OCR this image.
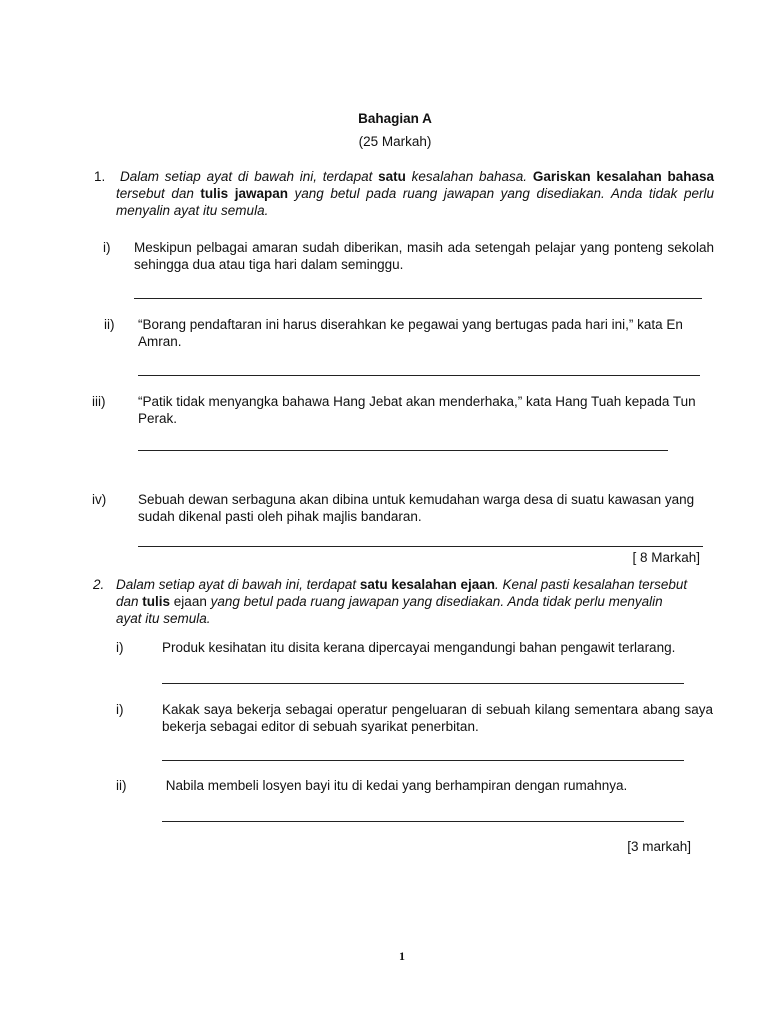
Bahagian A
(25 Markah)
1. Dalam setiap ayat di bawah ini, terdapat satu kesalahan bahasa. Gariskan kesalahan bahasa tersebut dan tulis jawapan yang betul pada ruang jawapan yang disediakan. Anda tidak perlu menyalin ayat itu semula.
i) Meskipun pelbagai amaran sudah diberikan, masih ada setengah pelajar yang ponteng sekolah sehingga dua atau tiga hari dalam seminggu.
ii) “Borang pendaftaran ini harus diserahkan ke pegawai yang bertugas pada hari ini,” kata En Amran.
iii) “Patik tidak menyangka bahawa Hang Jebat akan menderhaka,” kata Hang Tuah kepada Tun Perak.
iv) Sebuah dewan serbaguna akan dibina untuk kemudahan warga desa di suatu kawasan yang sudah dikenal pasti oleh pihak majlis bandaran.
[ 8 Markah]
2. Dalam setiap ayat di bawah ini, terdapat satu kesalahan ejaan. Kenal pasti kesalahan tersebut dan tulis ejaan yang betul pada ruang jawapan yang disediakan. Anda tidak perlu menyalin ayat itu semula.
i)	Produk kesihatan itu disita kerana dipercayai mengandungi bahan pengawit terlarang.
i)	Kakak saya bekerja sebagai operatur pengeluaran di sebuah kilang sementara abang saya bekerja sebagai editor di sebuah syarikat penerbitan.
ii)	Nabila membeli losyen bayi itu di kedai yang berhampiran dengan rumahnya.
[3 markah]
1
